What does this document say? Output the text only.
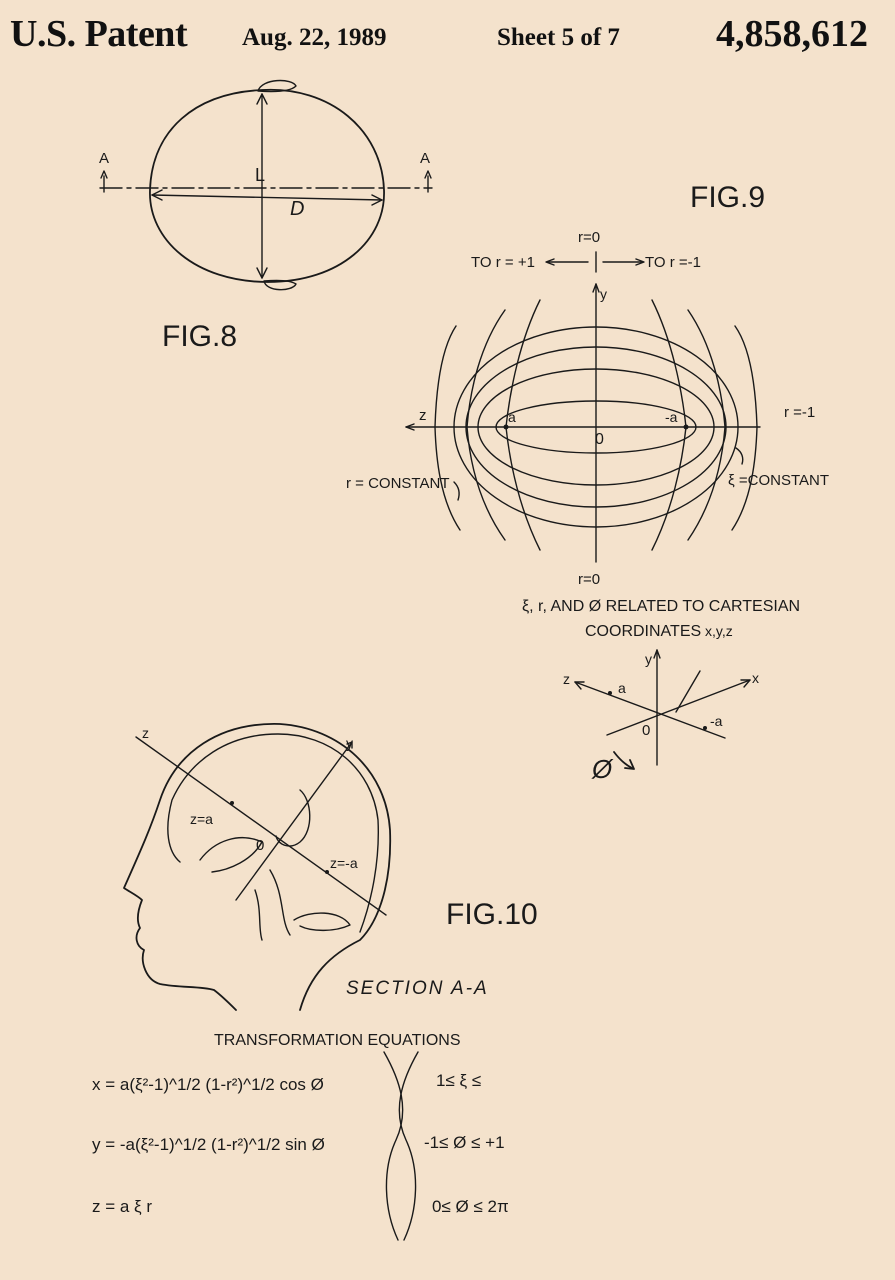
U.S. Patent Aug. 22, 1989	Sheet 5 of 7	4,858,612
A	A
L
D
FIG.8
FIG.9
r=0
TO r = +1	TO r =-1
y
z	a	-a
0
r =-1
r = CONSTANT	ξ =CONSTANT
r=0
ξ, r, AND Ø RELATED TO CARTESIAN
COORDINATES x,y,z
y
x
z
a
-a
0
Ø
z
y
z=a
0
z=-a
FIG.10
SECTION A-A
TRANSFORMATION EQUATIONS
x = a(ξ²-1)^1/2 (1-r²)^1/2 cos Ø
y = -a(ξ²-1)^1/2 (1-r²)^1/2 sin Ø
z = a ξ r
1≤ ξ ≤
-1≤ Ø ≤ +1
0≤ Ø ≤ 2π
